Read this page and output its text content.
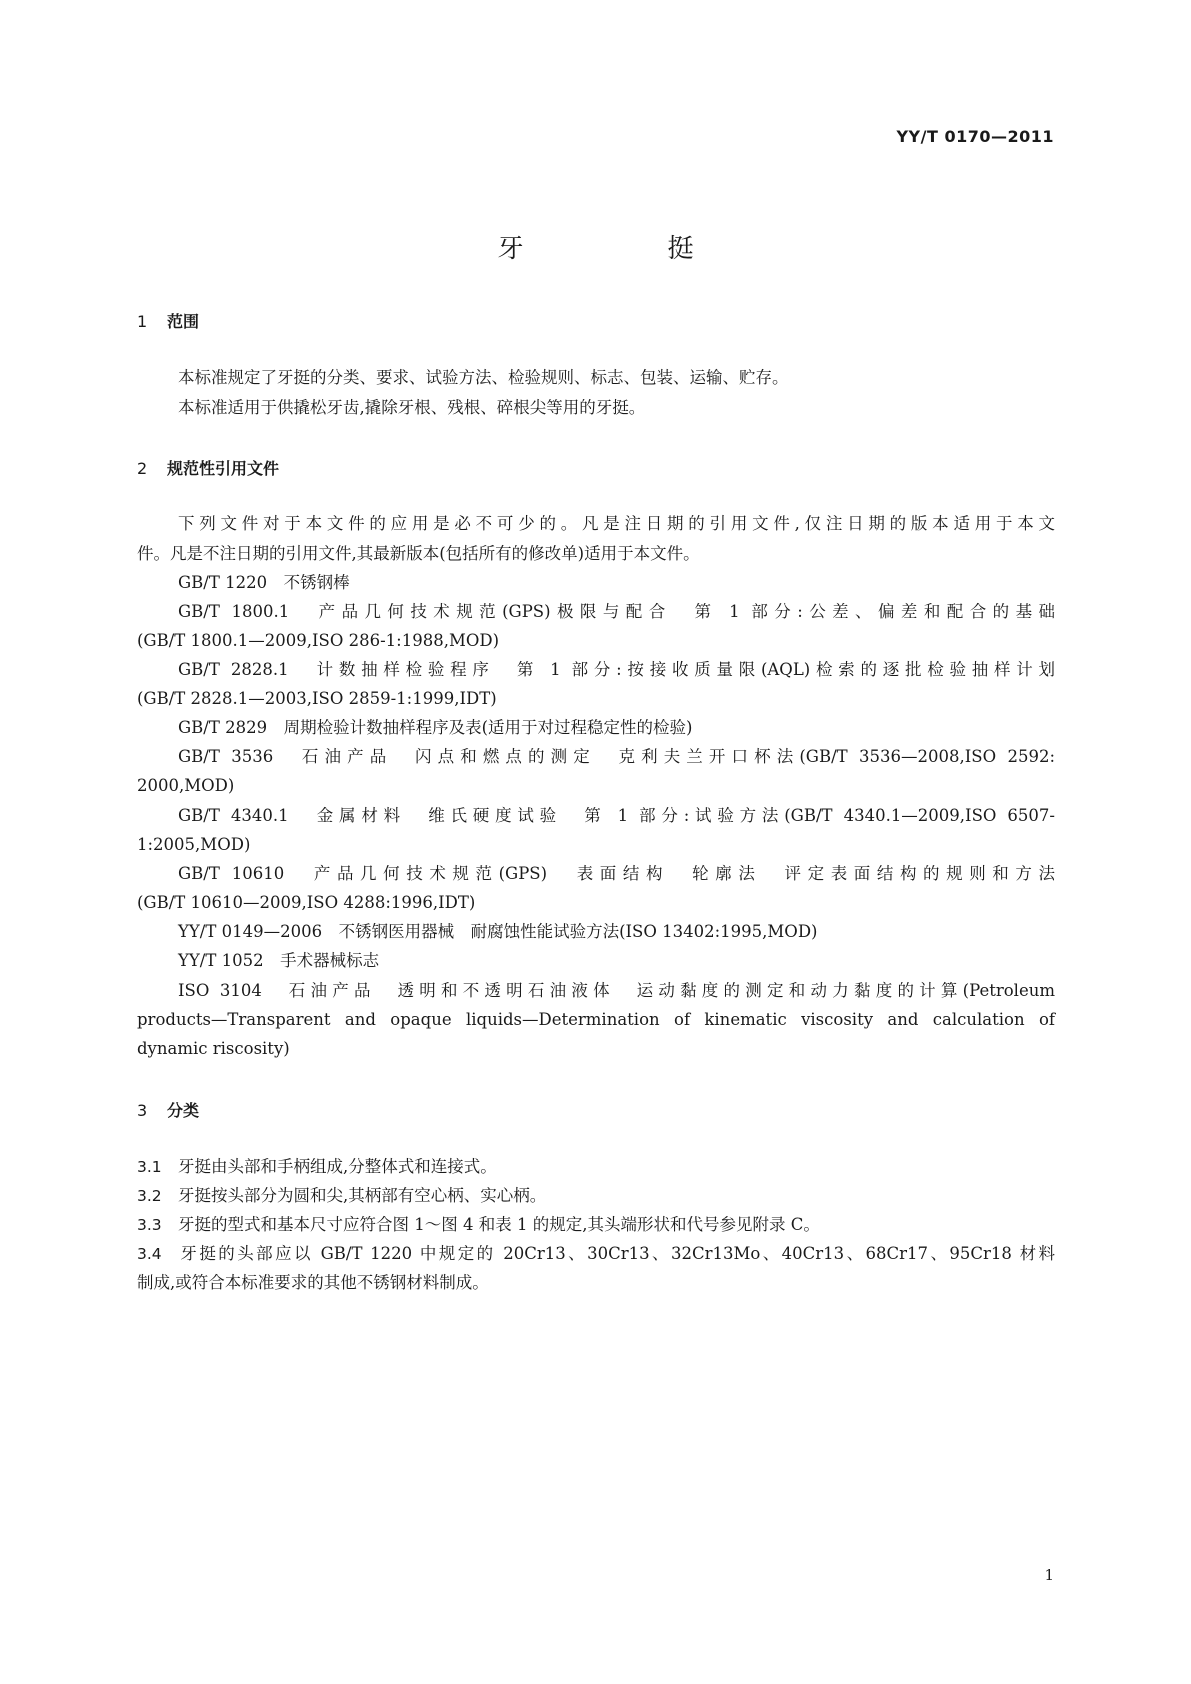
YY/T 0170—2011
牙	挺
1 范围
本标准规定了牙挺的分类、要求、试验方法、检验规则、标志、包装、运输、贮存。
本标准适用于供撬松牙齿,撬除牙根、残根、碎根尖等用的牙挺。
2 规范性引用文件
下列文件对于本文件的应用是必不可少的。凡是注日期的引用文件,仅注日期的版本适用于本文
件。凡是不注日期的引用文件,其最新版本(包括所有的修改单)适用于本文件。
GB/T 1220　不锈钢棒
GB/T 1800.1　产品几何技术规范(GPS)极限与配合　第 1 部分:公差、偏差和配合的基础
(GB/T 1800.1—2009,ISO 286-1:1988,MOD)
GB/T 2828.1　计数抽样检验程序　第 1 部分:按接收质量限(AQL)检索的逐批检验抽样计划
(GB/T 2828.1—2003,ISO 2859-1:1999,IDT)
GB/T 2829　周期检验计数抽样程序及表(适用于对过程稳定性的检验)
GB/T 3536　石油产品　闪点和燃点的测定　克利夫兰开口杯法(GB/T 3536—2008,ISO 2592:
2000,MOD)
GB/T 4340.1　金属材料　维氏硬度试验　第 1 部分:试验方法(GB/T 4340.1—2009,ISO 6507-
1:2005,MOD)
GB/T 10610　产品几何技术规范(GPS)　表面结构　轮廓法　评定表面结构的规则和方法
(GB/T 10610—2009,ISO 4288:1996,IDT)
YY/T 0149—2006　不锈钢医用器械　耐腐蚀性能试验方法(ISO 13402:1995,MOD)
YY/T 1052　手术器械标志
ISO 3104　石油产品　透明和不透明石油液体　运动黏度的测定和动力黏度的计算(Petroleum
products—Transparent and opaque liquids—Determination of kinematic viscosity and calculation of
dynamic riscosity)
3 分类
3.1 牙挺由头部和手柄组成,分整体式和连接式。
3.2 牙挺按头部分为圆和尖,其柄部有空心柄、实心柄。
3.3 牙挺的型式和基本尺寸应符合图 1～图 4 和表 1 的规定,其头端形状和代号参见附录 C。
3.4 牙挺的头部应以 GB/T 1220 中规定的 20Cr13、30Cr13、32Cr13Mo、40Cr13、68Cr17、95Cr18 材料
制成,或符合本标准要求的其他不锈钢材料制成。
1
